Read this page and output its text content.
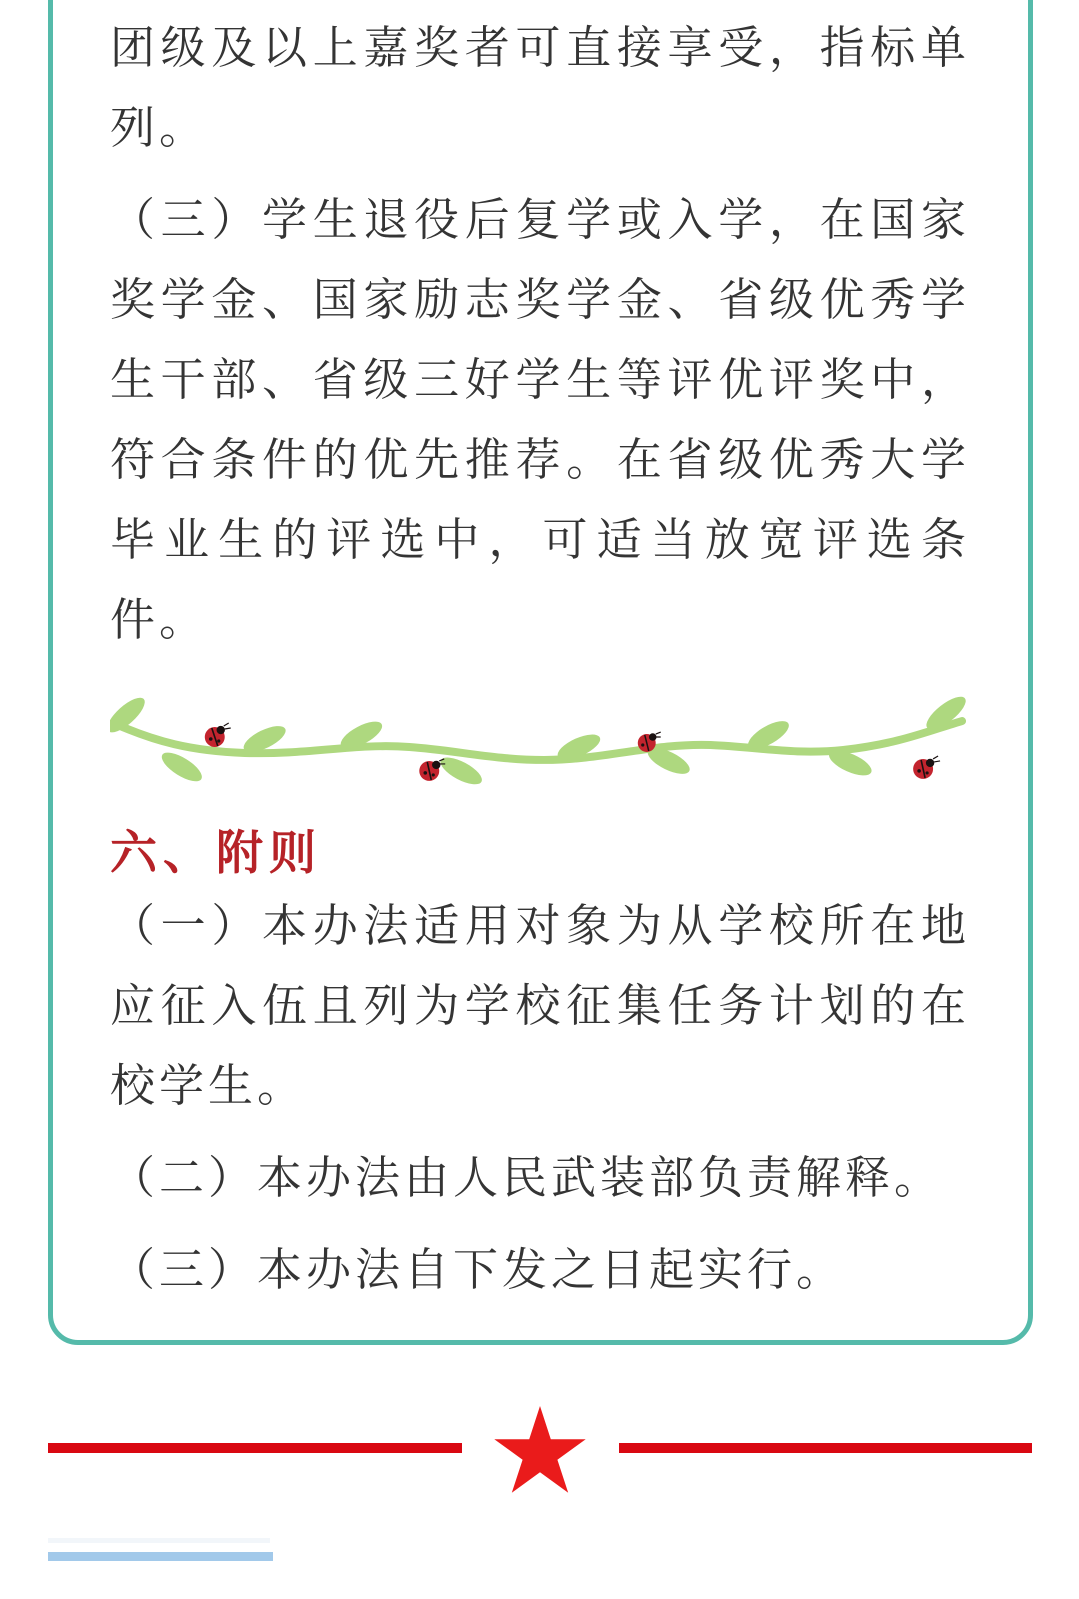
团级及以上嘉奖者可直接享受，指标单列。

（三）学生退役后复学或入学，在国家奖学金、国家励志奖学金、省级优秀学生干部、省级三好学生等评优评奖中，符合条件的优先推荐。在省级优秀大学毕业生的评选中，可适当放宽评选条件。

六、附则

（一）本办法适用对象为从学校所在地应征入伍且列为学校征集任务计划的在校学生。

（二）本办法由人民武装部负责解释。

（三）本办法自下发之日起实行。
